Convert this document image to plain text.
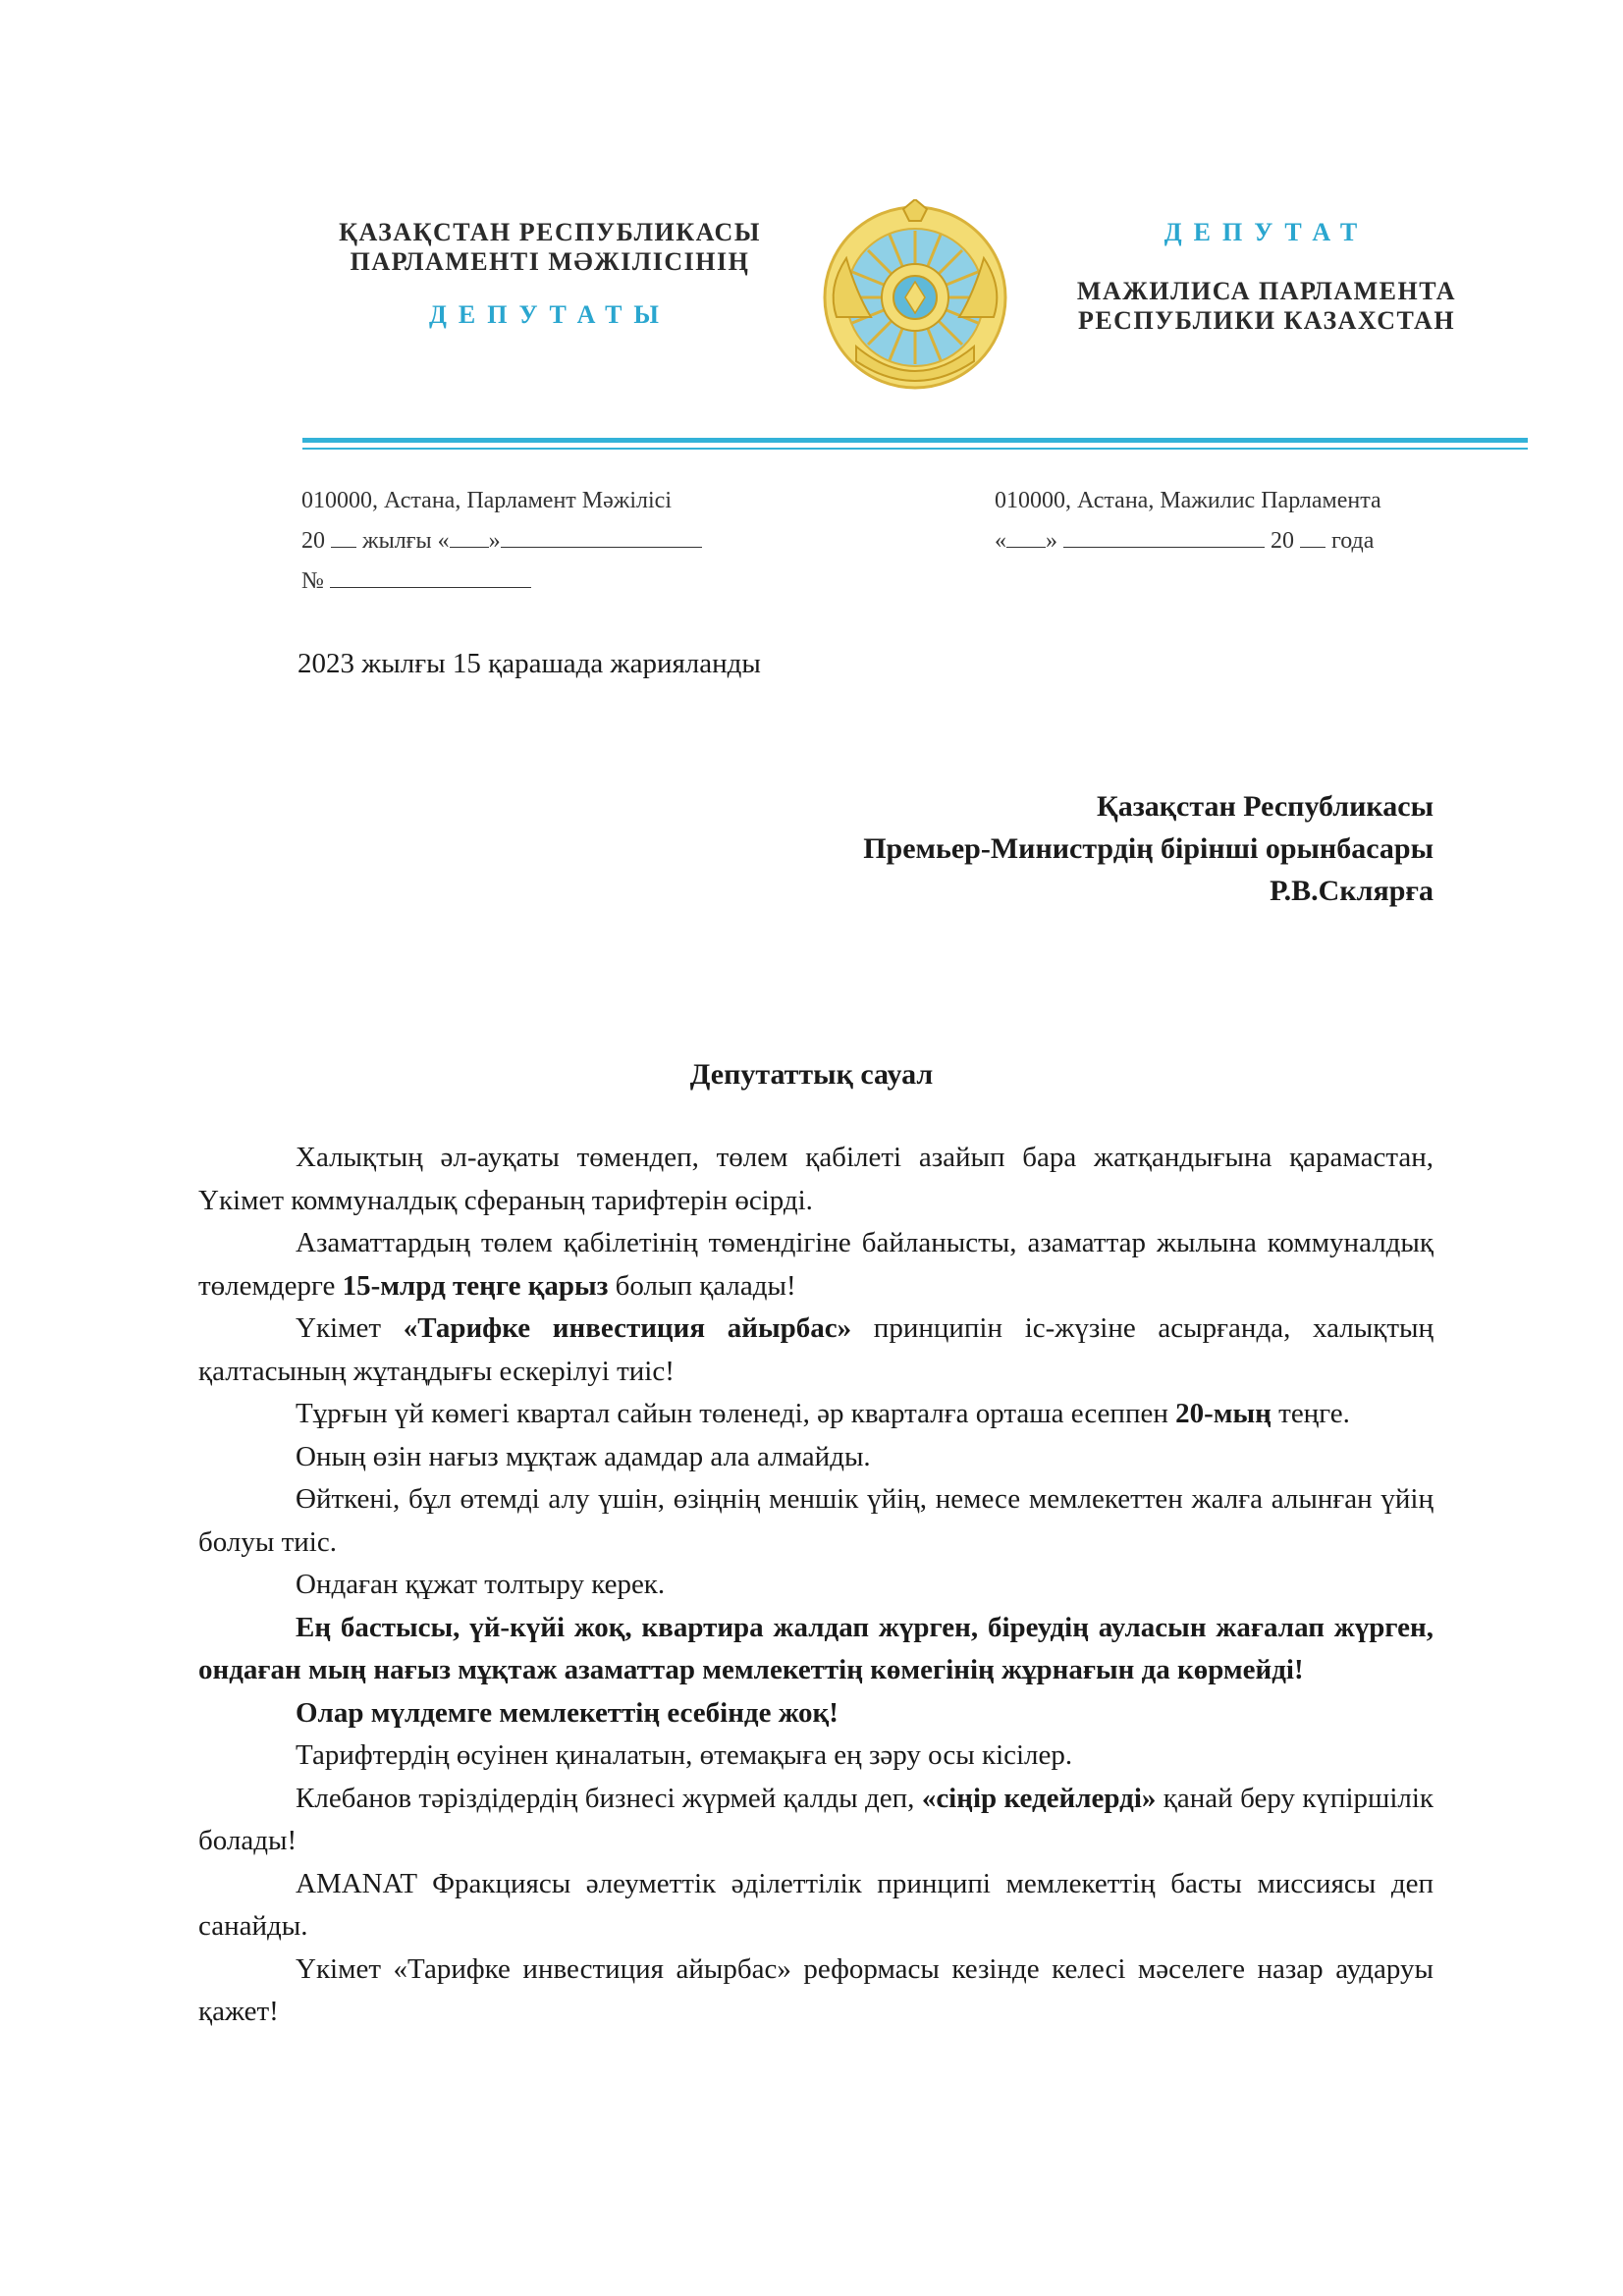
ҚАЗАҚСТАН РЕСПУБЛИКАСЫ
ПАРЛАМЕНТІ МӘЖІЛІСІНІҢ
ДЕПУТАТЫ
ДЕПУТАТ
МАЖИЛИСА ПАРЛАМЕНТА
РЕСПУБЛИКИ КАЗАХСТАН
010000, Астана, Парламент Мәжілісі
20 жылғы « »
№
010000, Астана, Мажилис Парламента
« »	20 года
2023 жылғы 15 қарашада жарияланды
Қазақстан Республикасы
Премьер-Министрдің бірінші орынбасары
Р.В.Склярға
Депутаттық сауал

Халықтың әл-ауқаты төмендеп, төлем қабілеті азайып бара жатқандығына қарамастан, Үкімет коммуналдық сфераның тарифтерін өсірді.

Азаматтардың төлем қабілетінің төмендігіне байланысты, азаматтар жылына коммуналдық төлемдерге 15-млрд теңге қарыз болып қалады!

Үкімет «Тарифке инвестиция айырбас» принципін іс-жүзіне асырғанда, халықтың қалтасының жұтаңдығы ескерілуі тиіс!

Тұрғын үй көмегі квартал сайын төленеді, әр кварталға орташа есеппен 20-мың теңге.

Оның өзін нағыз мұқтаж адамдар ала алмайды.

Өйткені, бұл өтемді алу үшін, өзіңнің меншік үйің, немесе мемлекеттен жалға алынған үйің болуы тиіс.

Ондаған құжат толтыру керек.

Ең бастысы, үй-күйі жоқ, квартира жалдап жүрген, біреудің ауласын жағалап жүрген, ондаған мың нағыз мұқтаж азаматтар мемлекеттің көмегінің жұрнағын да көрмейді!

Олар мүлдемге мемлекеттің есебінде жоқ!

Тарифтердің өсуінен қиналатын, өтемақыға ең зәру осы кісілер.

Клебанов тәріздідердің бизнесі жүрмей қалды деп, «сіңір кедейлерді» қанай беру күпіршілік болады!

AMANAT Фракциясы әлеуметтік әділеттілік принципі мемлекеттің басты миссиясы деп санайды.

Үкімет «Тарифке инвестиция айырбас» реформасы кезінде келесі мәселеге назар аударуы қажет!
